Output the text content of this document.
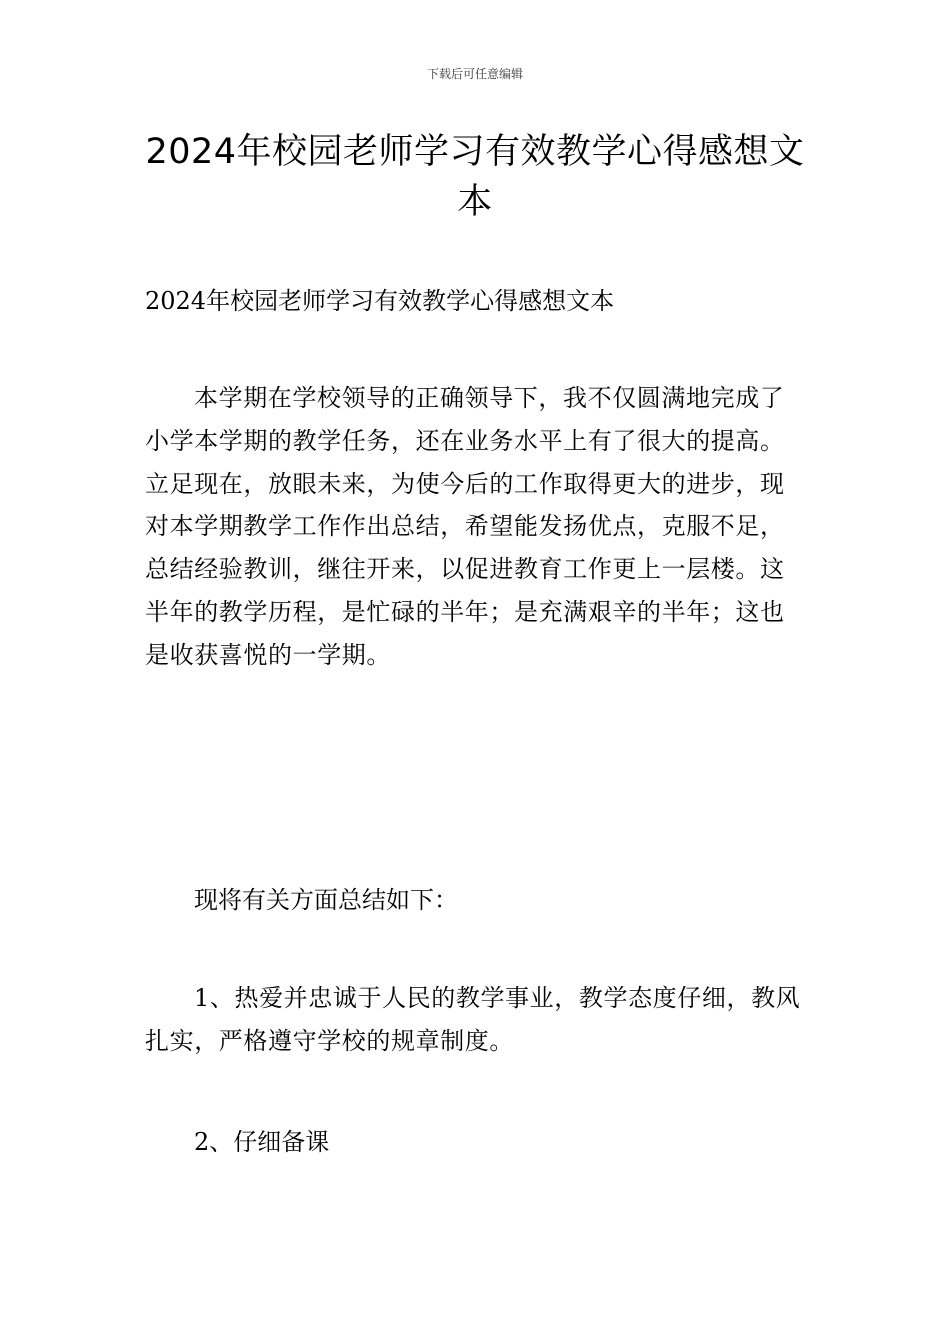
下载后可任意编辑
2024年校园老师学习有效教学心得感想文本

2024年校园老师学习有效教学心得感想文本

本学期在学校领导的正确领导下，我不仅圆满地完成了小学本学期的教学任务，还在业务水平上有了很大的提高。立足现在，放眼未来，为使今后的工作取得更大的进步，现对本学期教学工作作出总结，希望能发扬优点，克服不足，总结经验教训，继往开来，以促进教育工作更上一层楼。这半年的教学历程，是忙碌的半年；是充满艰辛的半年；这也是收获喜悦的一学期。

现将有关方面总结如下：

1、热爱并忠诚于人民的教学事业，教学态度仔细，教风扎实，严格遵守学校的规章制度。

2、仔细备课
